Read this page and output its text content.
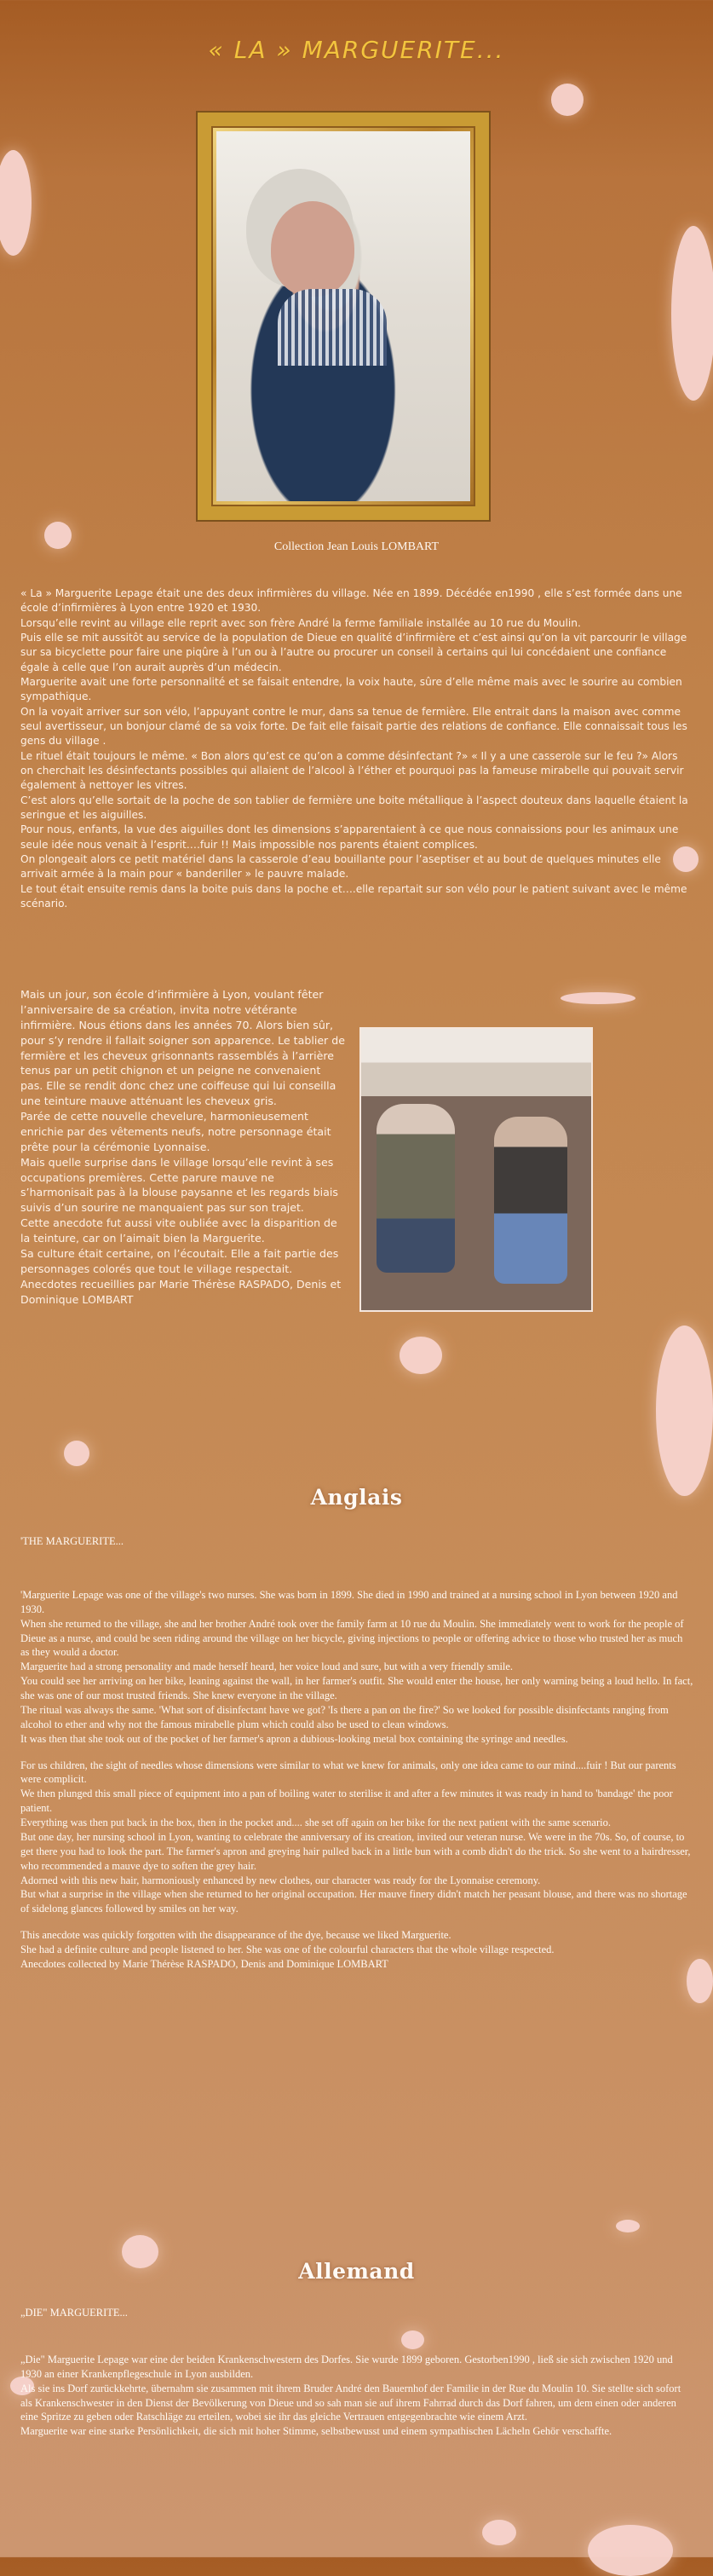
« LA » MARGUERITE...
Collection Jean Louis LOMBART

« La » Marguerite Lepage était une des deux infirmières du village. Née en 1899. Décédée en1990 , elle s’est formée dans une école d’infirmières à Lyon entre 1920 et 1930.

Lorsqu’elle revint au village elle reprit avec son frère André la ferme familiale installée au 10 rue du Moulin.

Puis elle se mit aussitôt au service de la population de Dieue en qualité d’infirmière et c’est ainsi qu’on la vit parcourir le village sur sa bicyclette pour faire une piqûre à l’un ou à l’autre ou procurer un conseil à certains qui lui concédaient une confiance égale à celle que l’on aurait auprès d’un médecin.

Marguerite avait une forte personnalité et se faisait entendre, la voix haute, sûre d’elle même mais avec le sourire au combien sympathique.

On la voyait arriver sur son vélo, l’appuyant contre le mur, dans sa tenue de fermière. Elle entrait dans la maison avec comme seul avertisseur, un bonjour clamé de sa voix forte. De fait elle faisait partie des relations de confiance. Elle connaissait tous les gens du village .

Le rituel était toujours le même. « Bon alors qu’est ce qu’on a comme désinfectant ?» « Il y a une casserole sur le feu ?» Alors on cherchait les désinfectants possibles qui allaient de l’alcool à l’éther et pourquoi pas la fameuse mirabelle qui pouvait servir également à nettoyer les vitres.

C’est alors qu’elle sortait de la poche de son tablier de fermière une boite métallique à l’aspect douteux dans laquelle étaient la seringue et les aiguilles.

Pour nous, enfants, la vue des aiguilles dont les dimensions s’apparentaient à ce que nous connaissions pour les animaux une seule idée nous venait à l’esprit….fuir !! Mais impossible nos parents étaient complices.

On plongeait alors ce petit matériel dans la casserole d’eau bouillante pour l’aseptiser et au bout de quelques minutes elle arrivait armée à la main pour « banderiller » le pauvre malade.

Le tout était ensuite remis dans la boite puis dans la poche et….elle repartait sur son vélo pour le patient suivant avec le même scénario.

Mais un jour, son école d’infirmière à Lyon, voulant fêter l’anniversaire de sa création, invita notre vétérante infirmière. Nous étions dans les années 70. Alors bien sûr, pour s’y rendre il fallait soigner son apparence. Le tablier de fermière et les cheveux grisonnants rassemblés à l’arrière tenus par un petit chignon et un peigne ne convenaient pas. Elle se rendit donc chez une coiffeuse qui lui conseilla une teinture mauve atténuant les cheveux gris.

Parée de cette nouvelle chevelure, harmonieusement enrichie par des vêtements neufs, notre personnage était prête pour la cérémonie Lyonnaise.

Mais quelle surprise dans le village lorsqu’elle revint à ses occupations premières. Cette parure mauve ne s’harmonisait pas à la blouse paysanne et les regards biais suivis d’un sourire ne manquaient pas sur son trajet.

Cette anecdote fut aussi vite oubliée avec la disparition de la teinture, car on l’aimait bien la Marguerite.

Sa culture était certaine, on l’écoutait. Elle a fait partie des personnages colorés que tout le village respectait.

Anecdotes recueillies par Marie Thérèse RASPADO, Denis et Dominique LOMBART

Anglais

'THE MARGUERITE...

'Marguerite Lepage was one of the village's two nurses. She was born in 1899. She died in 1990 and trained at a nursing school in Lyon between 1920 and 1930.

When she returned to the village, she and her brother André took over the family farm at 10 rue du Moulin. She immediately went to work for the people of Dieue as a nurse, and could be seen riding around the village on her bicycle, giving injections to people or offering advice to those who trusted her as much as they would a doctor.

Marguerite had a strong personality and made herself heard, her voice loud and sure, but with a very friendly smile.

You could see her arriving on her bike, leaning against the wall, in her farmer's outfit. She would enter the house, her only warning being a loud hello. In fact, she was one of our most trusted friends. She knew everyone in the village.

The ritual was always the same. 'What sort of disinfectant have we got? 'Is there a pan on the fire?' So we looked for possible disinfectants ranging from alcohol to ether and why not the famous mirabelle plum which could also be used to clean windows.

It was then that she took out of the pocket of her farmer's apron a dubious-looking metal box containing the syringe and needles.

For us children, the sight of needles whose dimensions were similar to what we knew for animals, only one idea came to our mind....fuir ! But our parents were complicit.

We then plunged this small piece of equipment into a pan of boiling water to sterilise it and after a few minutes it was ready in hand to 'bandage' the poor patient.

Everything was then put back in the box, then in the pocket and.... she set off again on her bike for the next patient with the same scenario.

But one day, her nursing school in Lyon, wanting to celebrate the anniversary of its creation, invited our veteran nurse. We were in the 70s. So, of course, to get there you had to look the part. The farmer's apron and greying hair pulled back in a little bun with a comb didn't do the trick. So she went to a hairdresser, who recommended a mauve dye to soften the grey hair.

Adorned with this new hair, harmoniously enhanced by new clothes, our character was ready for the Lyonnaise ceremony.

But what a surprise in the village when she returned to her original occupation. Her mauve finery didn't match her peasant blouse, and there was no shortage of sidelong glances followed by smiles on her way.

This anecdote was quickly forgotten with the disappearance of the dye, because we liked Marguerite.

She had a definite culture and people listened to her. She was one of the colourful characters that the whole village respected.

Anecdotes collected by Marie Thérèse RASPADO, Denis and Dominique LOMBART

Allemand

„DIE" MARGUERITE...

„Die" Marguerite Lepage war eine der beiden Krankenschwestern des Dorfes. Sie wurde 1899 geboren. Gestorben1990 , ließ sie sich zwischen 1920 und 1930 an einer Krankenpflegeschule in Lyon ausbilden.

Als sie ins Dorf zurückkehrte, übernahm sie zusammen mit ihrem Bruder André den Bauernhof der Familie in der Rue du Moulin 10. Sie stellte sich sofort als Krankenschwester in den Dienst der Bevölkerung von Dieue und so sah man sie auf ihrem Fahrrad durch das Dorf fahren, um dem einen oder anderen eine Spritze zu geben oder Ratschläge zu erteilen, wobei sie ihr das gleiche Vertrauen entgegenbrachte wie einem Arzt.

Marguerite war eine starke Persönlichkeit, die sich mit hoher Stimme, selbstbewusst und einem sympathischen Lächeln Gehör verschaffte.
